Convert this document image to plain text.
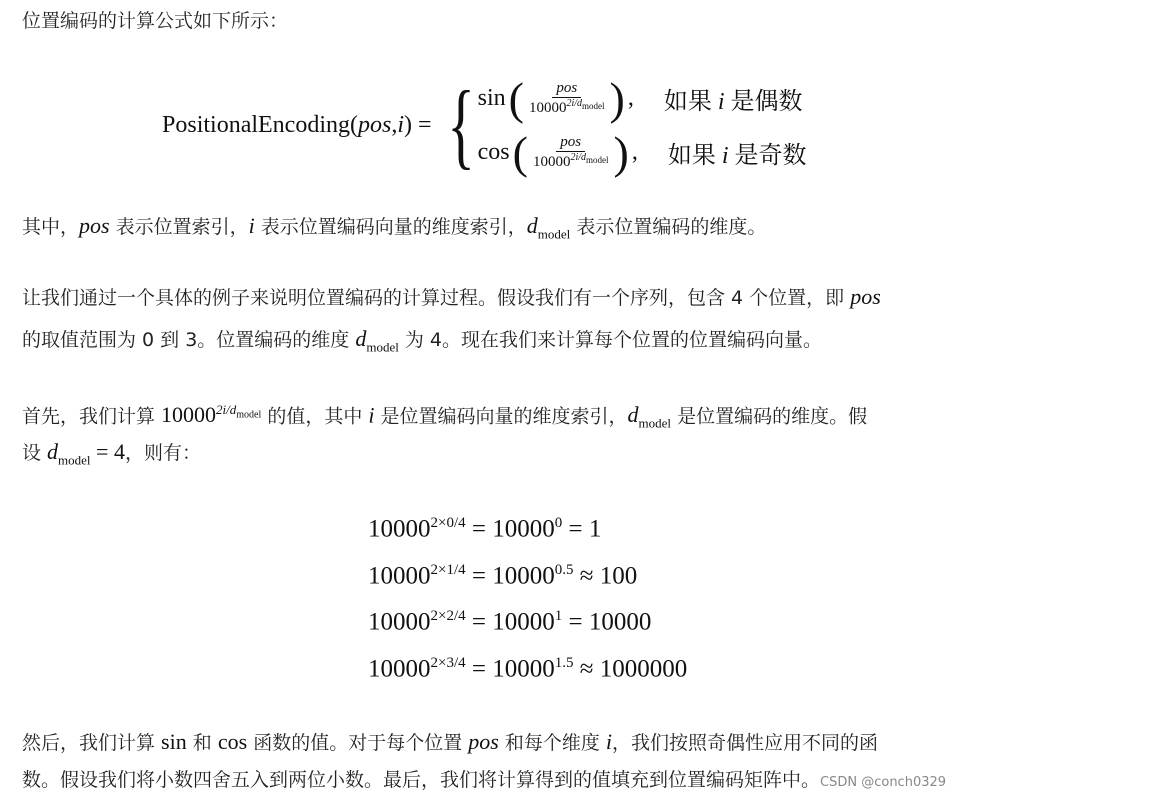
位置编码的计算公式如下所示：
PositionalEncoding( pos , i ) = { sin ( $\frac{\text{pos}}{10000^{2i/d_{model}}}$ ) , 如果 i 是偶数
cos ( $\frac{\text{pos}}{10000^{2i/d_{model}}}$ ) , 如果 i 是奇数
其中，pos 表示位置索引，i 表示位置编码向量的维度索引，$d_{model}$ 表示位置编码的维度。
让我们通过一个具体的例子来说明位置编码的计算过程。假设我们有一个序列，包含 4 个位置，即 pos
的取值范围为 0 到 3。位置编码的维度 $d_{model}$ 为 4。现在我们来计算每个位置的位置编码向量。
首先，我们计算 $10000^{2i/d_{model}}$ 的值，其中 i 是位置编码向量的维度索引，$d_{model}$ 是位置编码的维度。假
设 $d_{model} = 4$，则有：
$10000^{2\times 0/4} = 10000^0 = 1$
$10000^{2\times 1/4} = 10000^{0.5} \approx 100$
$10000^{2\times 2/4} = 10000^1 = 10000$
$10000^{2\times 3/4} = 10000^{1.5} \approx 1000000$
然后，我们计算 sin 和 cos 函数的值。对于每个位置 pos 和每个维度 i，我们按照奇偶性应用不同的函
数。假设我们将小数四舍五入到两位小数。最后，我们将计算得到的值填充到位置编码矩阵中。CSDN @conch0329
